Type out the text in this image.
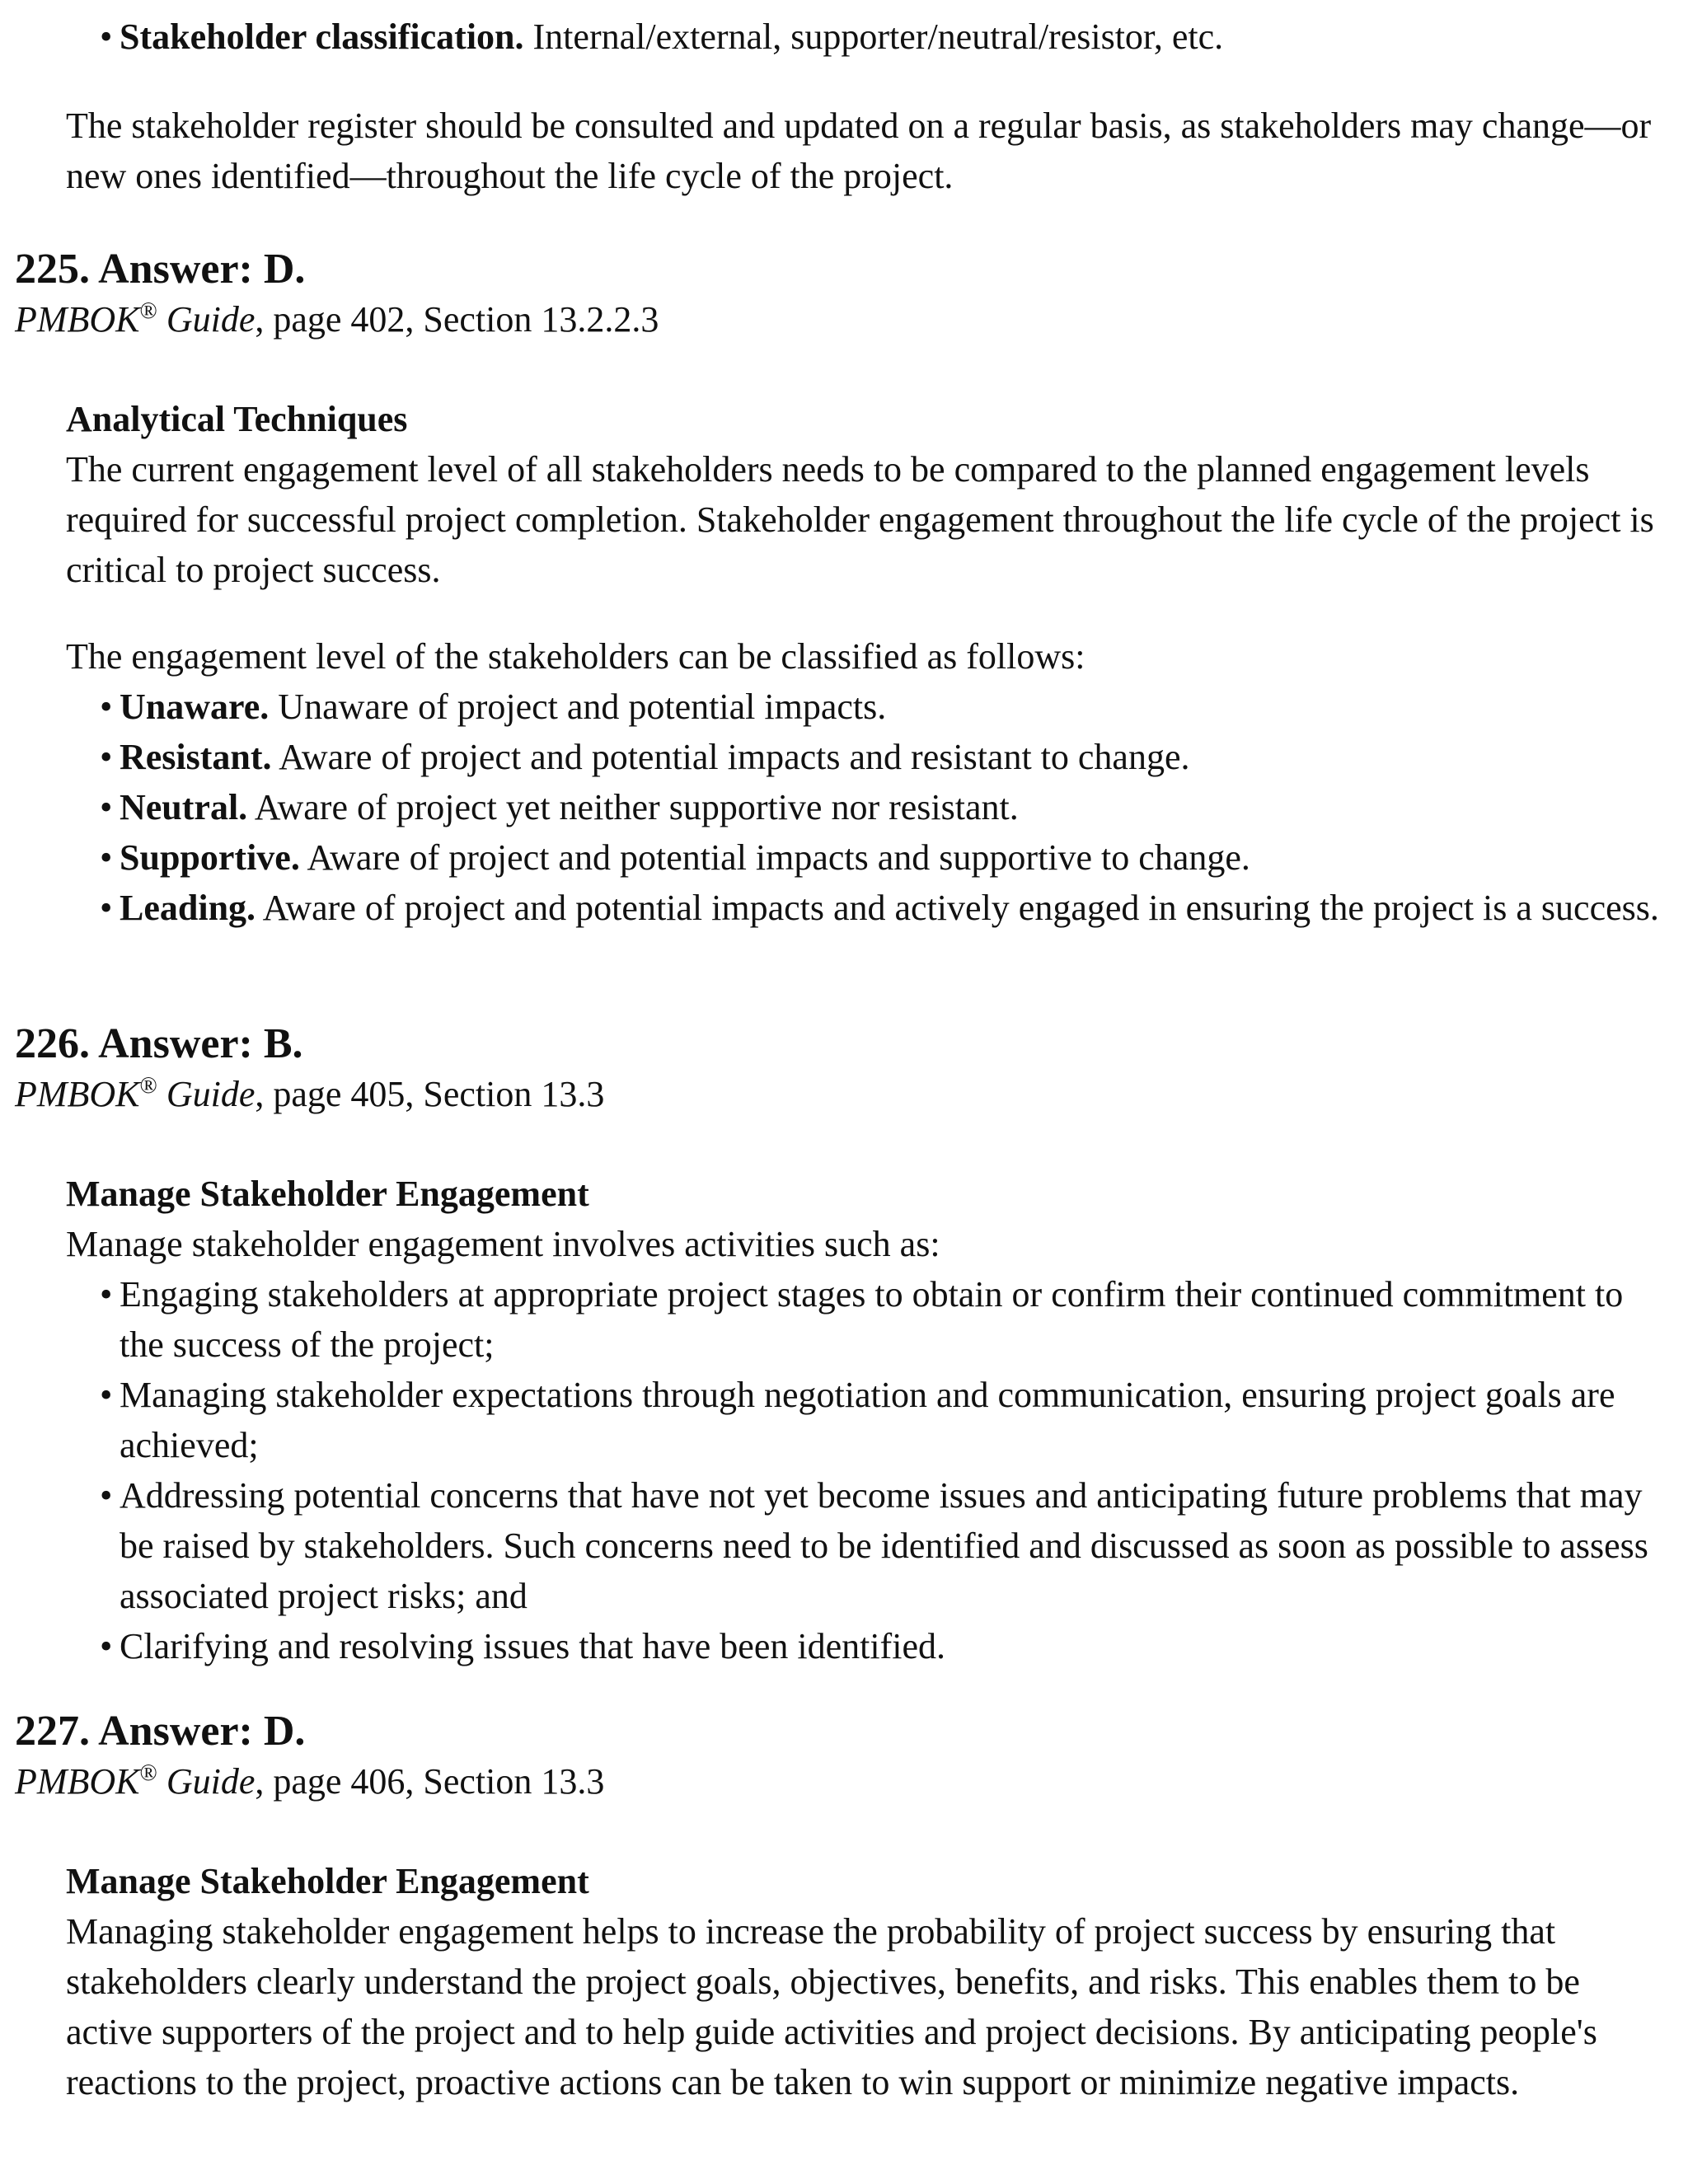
• Stakeholder classification. Internal/external, supporter/neutral/resistor, etc.

The stakeholder register should be consulted and updated on a regular basis, as stakeholders may change—or new ones identified—throughout the life cycle of the project.

225. Answer: D.

PMBOK® Guide, page 402, Section 13.2.2.3

Analytical Techniques

The current engagement level of all stakeholders needs to be compared to the planned engagement levels required for successful project completion. Stakeholder engagement throughout the life cycle of the project is critical to project success.

The engagement level of the stakeholders can be classified as follows:

• Unaware. Unaware of project and potential impacts.

• Resistant. Aware of project and potential impacts and resistant to change.

• Neutral. Aware of project yet neither supportive nor resistant.

• Supportive. Aware of project and potential impacts and supportive to change.

• Leading. Aware of project and potential impacts and actively engaged in ensuring the project is a success.

226. Answer: B.

PMBOK® Guide, page 405, Section 13.3

Manage Stakeholder Engagement

Manage stakeholder engagement involves activities such as:

• Engaging stakeholders at appropriate project stages to obtain or confirm their continued commitment to the success of the project;

• Managing stakeholder expectations through negotiation and communication, ensuring project goals are achieved;

• Addressing potential concerns that have not yet become issues and anticipating future problems that may be raised by stakeholders. Such concerns need to be identified and discussed as soon as possible to assess associated project risks; and

• Clarifying and resolving issues that have been identified.

227. Answer: D.

PMBOK® Guide, page 406, Section 13.3

Manage Stakeholder Engagement

Managing stakeholder engagement helps to increase the probability of project success by ensuring that stakeholders clearly understand the project goals, objectives, benefits, and risks. This enables them to be active supporters of the project and to help guide activities and project decisions. By anticipating people's reactions to the project, proactive actions can be taken to win support or minimize negative impacts.
